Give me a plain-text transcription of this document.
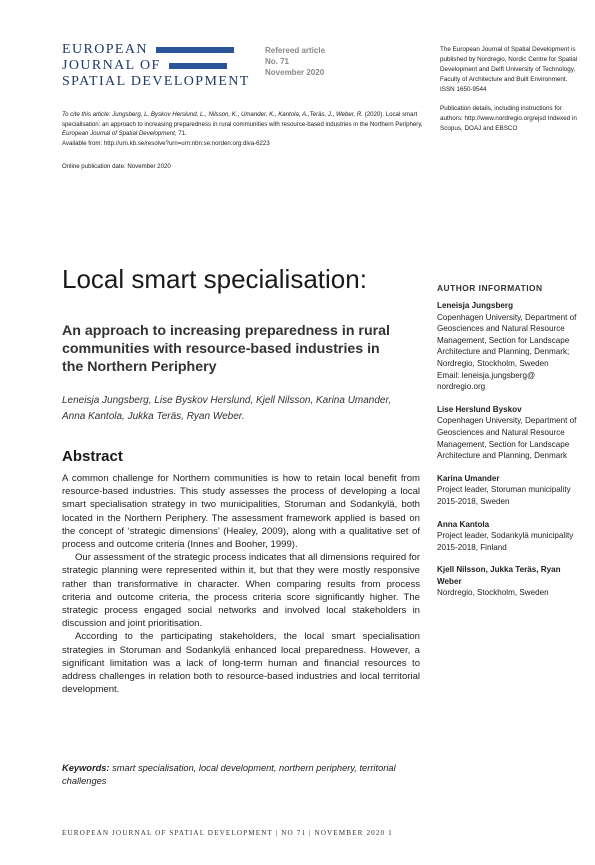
EUROPEAN
JOURNAL OF
SPATIAL DEVELOPMENT
Refereed article
No. 71
November 2020

The European Journal of Spatial Development is published by Nordregio, Nordic Centre for Spatial Development and Delft University of Technology, Faculty of Architecture and Built Environment.
ISSN 1650-9544

Publication details, including instructions for authors: http://www.nordregio.org/ejsd Indexed in Scopus, DOAJ and EBSCO

To cite this article: Jungsberg, L. Byskov Herslund, L., Nilsson, K., Umander, K., Kantola, A.,Teräs, J., Weber, R. (2020). Local smart specialisation: an approach to increasing preparedness in rural communities with resource-based industries in the Northern Periphery, European Journal of Spatial Development, 71.
Available from: http://urn.kb.se/resolve?urn=urn:nbn:se:norden:org:diva-6223

Online publication date: November 2020

Local smart specialisation:
An approach to increasing preparedness in rural communities with resource-based industries in the Northern Periphery
Leneisja Jungsberg, Lise Byskov Herslund, Kjell Nilsson, Karina Umander, Anna Kantola, Jukka Teräs, Ryan Weber.
Abstract

A common challenge for Northern communities is how to retain local benefit from resource-based industries. This study assesses the process of developing a local smart specialisation strategy in two municipalities, Storuman and Sodankylä, both located in the Northern Periphery. The assessment framework applied is based on the concept of ‘strategic dimensions’ (Healey, 2009), along with a qualitative set of process and outcome criteria (Innes and Booher, 1999).

Our assessment of the strategic process indicates that all dimensions required for strategic planning were represented within it, but that they were mostly responsive rather than transformative in character. When comparing results from process criteria and outcome criteria, the process criteria score significantly higher. The strategic process engaged social networks and involved local stakeholders in discussion and joint prioritisation.

According to the participating stakeholders, the local smart specialisation strategies in Storuman and Sodankylä enhanced local preparedness. However, a significant limitation was a lack of long-term human and financial resources to address challenges in relation both to resource-based industries and local territorial development.

Keywords: smart specialisation, local development, northern periphery, territorial challenges
AUTHOR INFORMATION
Leneisja Jungsberg
Copenhagen University, Department of Geosciences and Natural Resource Management, Section for Landscape Architecture and Planning, Denmark; Nordregio, Stockholm, Sweden
Email: leneisja.jungsberg@ nordregio.org
Lise Herslund Byskov
Copenhagen University, Department of Geosciences and Natural Resource Management, Section for Landscape Architecture and Planning, Denmark
Karina Umander
Project leader, Storuman municipality 2015-2018, Sweden
Anna Kantola
Project leader, Sodankylä municipality 2015-2018, Finland
Kjell Nilsson, Jukka Teräs, Ryan Weber
Nordregio, Stockholm, Sweden
EUROPEAN JOURNAL OF SPATIAL DEVELOPMENT | NO 71 | NOVEMBER 2020 1
